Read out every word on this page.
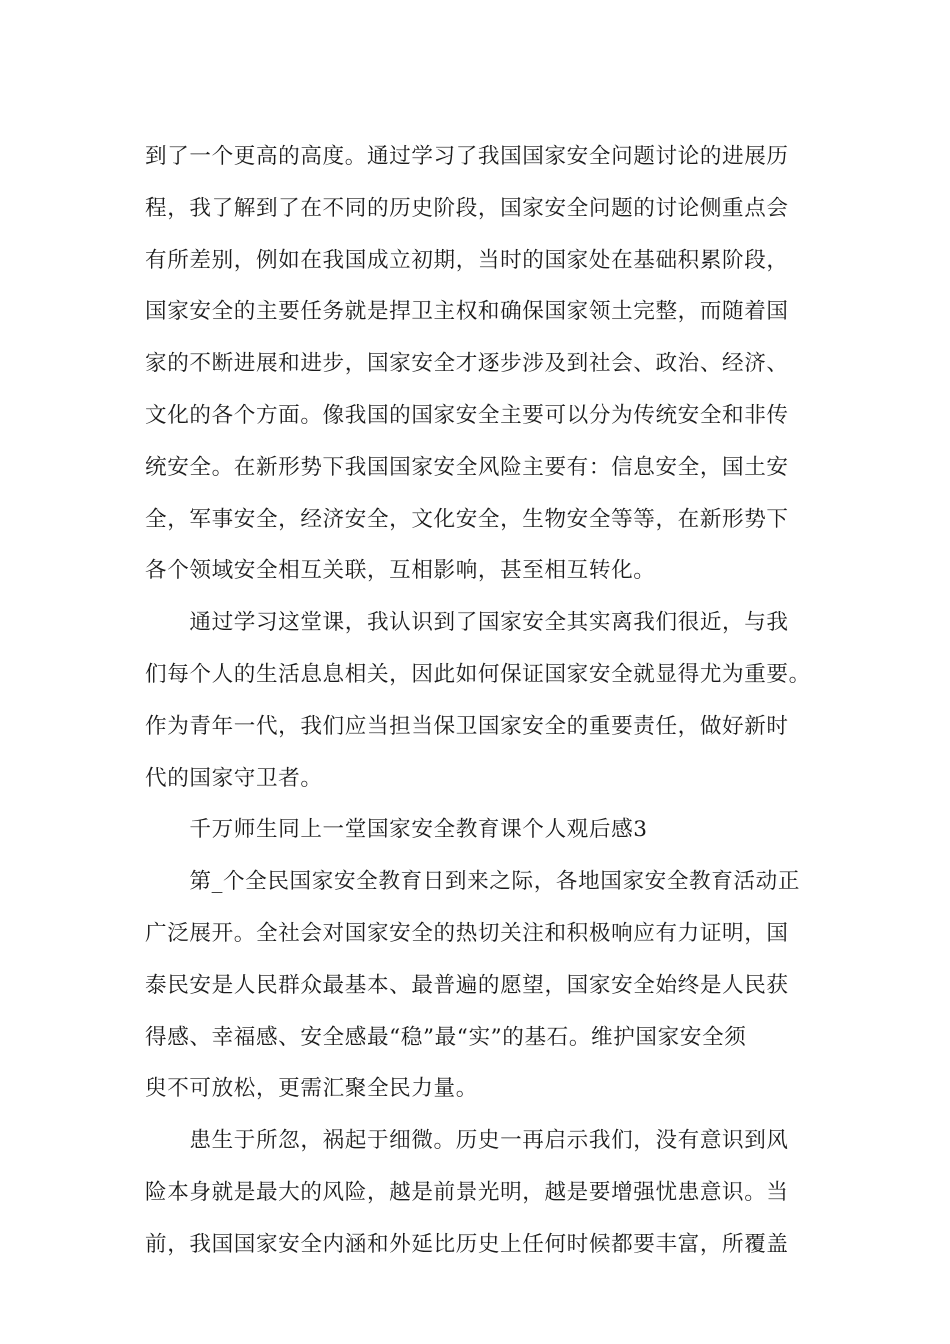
到了一个更高的高度。通过学习了我国国家安全问题讨论的进展历
程，我了解到了在不同的历史阶段，国家安全问题的讨论侧重点会
有所差别，例如在我国成立初期，当时的国家处在基础积累阶段，
国家安全的主要任务就是捍卫主权和确保国家领土完整，而随着国
家的不断进展和进步，国家安全才逐步涉及到社会、政治、经济、
文化的各个方面。像我国的国家安全主要可以分为传统安全和非传
统安全。在新形势下我国国家安全风险主要有：信息安全，国土安
全，军事安全，经济安全，文化安全，生物安全等等，在新形势下
各个领域安全相互关联，互相影响，甚至相互转化。
　　通过学习这堂课，我认识到了国家安全其实离我们很近，与我
们每个人的生活息息相关，因此如何保证国家安全就显得尤为重要。
作为青年一代，我们应当担当保卫国家安全的重要责任，做好新时
代的国家守卫者。
　　千万师生同上一堂国家安全教育课个人观后感3
　　第_个全民国家安全教育日到来之际，各地国家安全教育活动正
广泛展开。全社会对国家安全的热切关注和积极响应有力证明，国
泰民安是人民群众最基本、最普遍的愿望，国家安全始终是人民获
得感、幸福感、安全感最“稳”最“实”的基石。维护国家安全须
臾不可放松，更需汇聚全民力量。
　　患生于所忽，祸起于细微。历史一再启示我们，没有意识到风
险本身就是最大的风险，越是前景光明，越是要增强忧患意识。当
前，我国国家安全内涵和外延比历史上任何时候都要丰富，所覆盖
